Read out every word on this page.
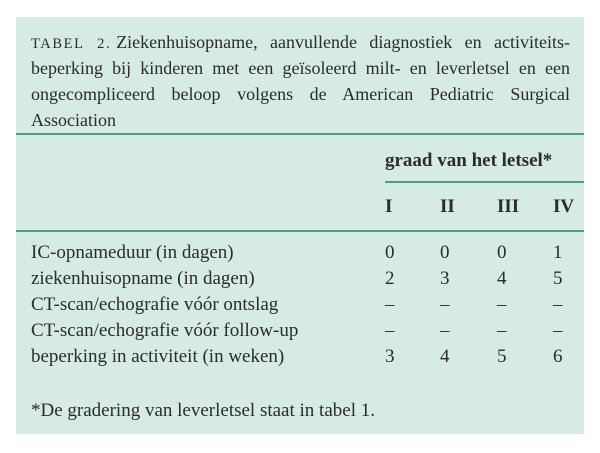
TABEL 2. Ziekenhuisopname, aanvullende diagnostiek en activiteits-
beperking bij kinderen met een geïsoleerd milt- en leverletsel en een
ongecompliceerd beloop volgens de American Pediatric Surgical
Association
graad van het letsel*
I	II	III	IV
IC-opnameduur (in dagen)	0	0	0	1
ziekenhuisopname (in dagen)	2	3	4	5
CT-scan/echografie vóór ontslag	–	–	–	–
CT-scan/echografie vóór follow-up	–	–	–	–
beperking in activiteit (in weken)	3	4	5	6
*De gradering van leverletsel staat in tabel 1.
